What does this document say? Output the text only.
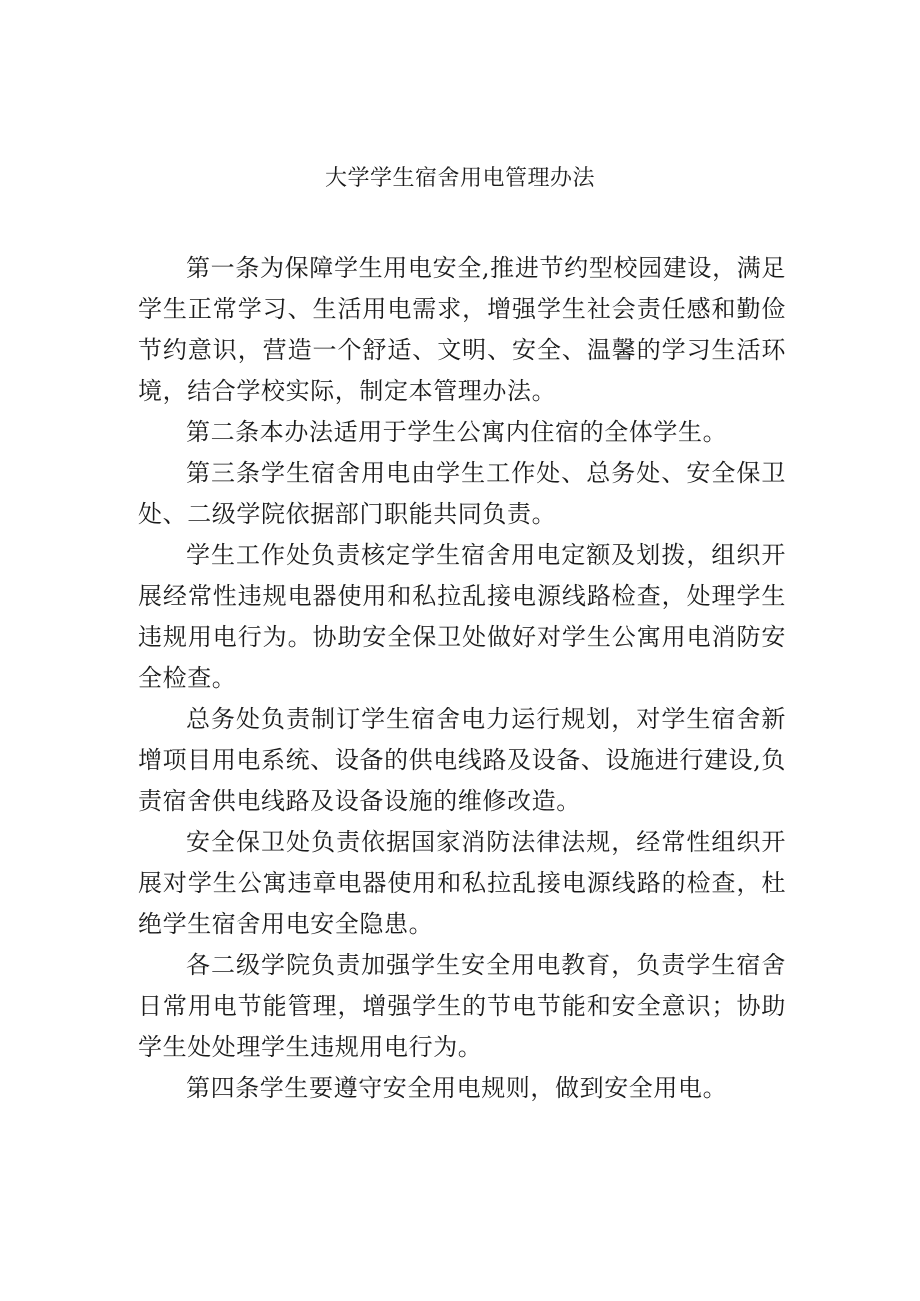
大学学生宿舍用电管理办法

第一条为保障学生用电安全,推进节约型校园建设，满足学生正常学习、生活用电需求，增强学生社会责任感和勤俭节约意识，营造一个舒适、文明、安全、温馨的学习生活环境，结合学校实际，制定本管理办法。

第二条本办法适用于学生公寓内住宿的全体学生。

第三条学生宿舍用电由学生工作处、总务处、安全保卫处、二级学院依据部门职能共同负责。

学生工作处负责核定学生宿舍用电定额及划拨，组织开展经常性违规电器使用和私拉乱接电源线路检查，处理学生违规用电行为。协助安全保卫处做好对学生公寓用电消防安全检查。

总务处负责制订学生宿舍电力运行规划，对学生宿舍新增项目用电系统、设备的供电线路及设备、设施进行建设,负责宿舍供电线路及设备设施的维修改造。

安全保卫处负责依据国家消防法律法规，经常性组织开展对学生公寓违章电器使用和私拉乱接电源线路的检查，杜绝学生宿舍用电安全隐患。

各二级学院负责加强学生安全用电教育，负责学生宿舍日常用电节能管理，增强学生的节电节能和安全意识；协助学生处处理学生违规用电行为。

第四条学生要遵守安全用电规则，做到安全用电。
